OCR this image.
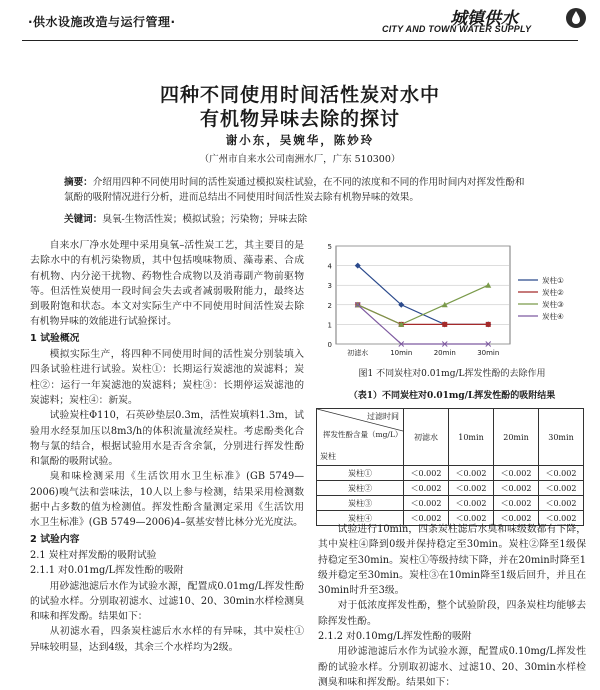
·供水设施改造与运行管理·	城镇供水
CITY AND TOWN WATER SUPPLY
四种不同使用时间活性炭对水中
有机物异味去除的探讨
谢小东，吴婉华，陈妙玲
（广州市自来水公司南洲水厂，广东 510300）
摘要：介绍用四种不同使用时间的活性炭通过模拟炭柱试验，在不同的浓度和不同的作用时间内对挥发性酚和氯酚的吸附情况进行分析，进而总结出不同使用时间活性炭去除有机物异味的效果。
关键词：臭氧-生物活性炭；模拟试验；污染物；异味去除

自来水厂净水处理中采用臭氧–活性炭工艺，其主要目的是去除水中的有机污染物质，其中包括嗅味物质、藻毒素、合成有机物、内分泌干扰物、药物性合成物以及消毒副产物前驱物等。但活性炭使用一段时间会失去或者减弱吸附能力，最终达到吸附饱和状态。本文对实际生产中不同使用时间活性炭去除有机物异味的效能进行试验探讨。

1 试验概况

模拟实际生产，将四种不同使用时间的活性炭分别装填入四条试验柱进行试验。炭柱①：长期运行炭滤池的炭滤料；炭柱②：运行一年炭滤池的炭滤料；炭柱③：长期停运炭滤池的炭滤料；炭柱④：新炭。

试验炭柱Φ110，石英砂垫层0.3m，活性炭填料1.3m，试验用水经泵加压以8m3/h的体积流量流经炭柱。考虑酚类化合物与氯的结合，根据试验用水是否含余氯，分别进行挥发性酚和氯酚的吸附试验。

臭和味检测采用《生活饮用水卫生标准》(GB 5749—2006)嗅气法和尝味法，10人以上参与检测，结果采用检测数据中占多数的值为检测值。挥发性酚含量测定采用《生活饮用水卫生标准》(GB 5749—2006)4–氨基安替比林分光光度法。

2 试验内容

2.1 炭柱对挥发酚的吸附试验

2.1.1 对0.01mg/L挥发性酚的吸附

用砂滤池滤后水作为试验水源，配置成0.01mg/L挥发性酚的试验水样。分别取初滤水、过滤10、20、30min水样检测臭和味和挥发酚。结果如下：

从初滤水看，四条炭柱滤后水水样的有异味，其中炭柱①异味较明显，达到4级，其余三个水样均为2级。

0
1
2
3
4
5
初滤水	10min	20min	30min
炭柱①
炭柱②
炭柱③
炭柱④
图1 不同炭柱对0.01mg/L挥发性酚的去除作用
（表1）不同炭柱对0.01mg/L挥发性酚的吸附结果
过滤时间
挥发性酚含量（mg/L）
炭柱	初滤水	10min	20min	30min
炭柱①	＜0.002	＜0.002	＜0.002	＜0.002
炭柱②	＜0.002	＜0.002	＜0.002	＜0.002
炭柱③	＜0.002	＜0.002	＜0.002	＜0.002
炭柱④	＜0.002	＜0.002	＜0.002	＜0.002

试验进行10min，四条炭柱滤后水臭和味级数都有下降，其中炭柱④降到0级并保持稳定至30min。炭柱②降至1级保持稳定至30min。炭柱①等级持续下降，并在20min时降至1级并稳定至30min。炭柱③在10min降至1级后回升，并且在30min时升至3级。

对于低浓度挥发性酚，整个试验阶段，四条炭柱均能够去除挥发性酚。

2.1.2 对0.10mg/L挥发性酚的吸附

用砂滤池滤后水作为试验水源，配置成0.10mg/L挥发性酚的试验水样。分别取初滤水、过滤10、20、30min水样检测臭和味和挥发酚。结果如下：
